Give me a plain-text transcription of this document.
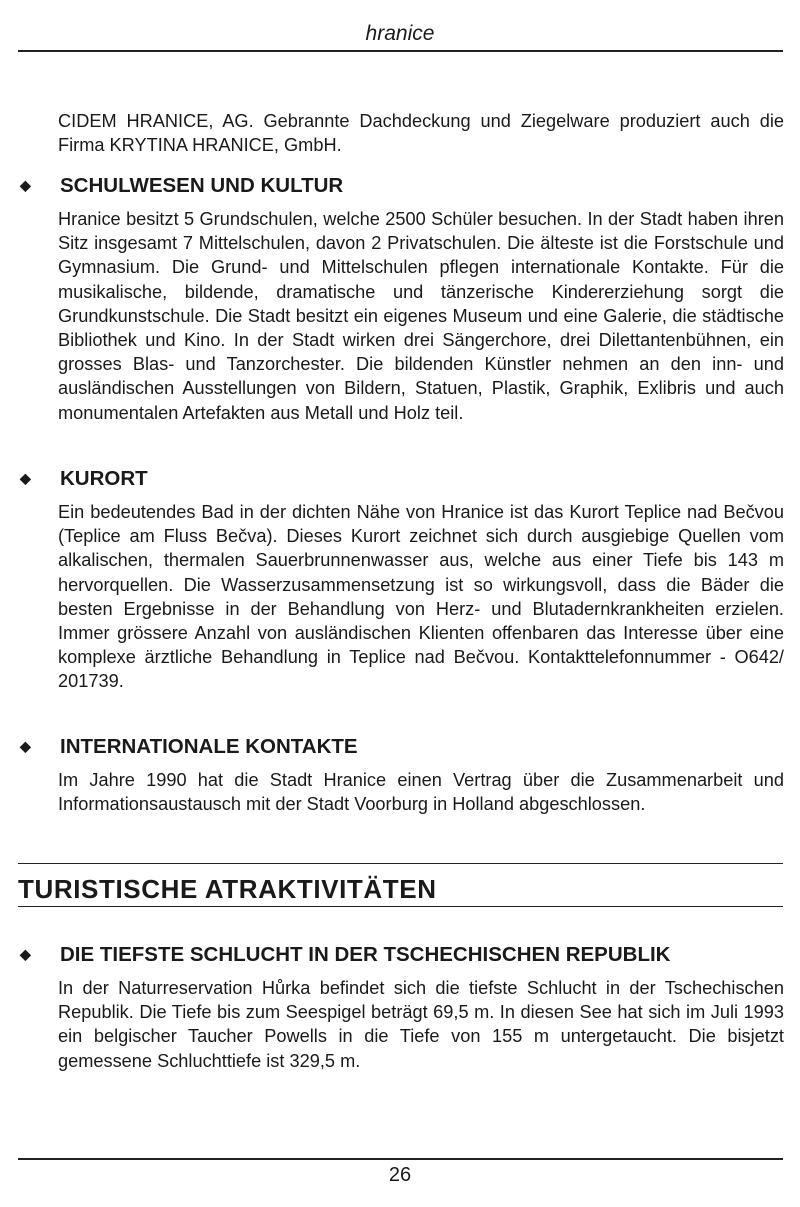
hranice

CIDEM HRANICE, AG. Gebrannte Dachdeckung und Ziegelware produziert auch die Firma KRYTINA HRANICE, GmbH.

◆ SCHULWESEN UND KULTUR

Hranice besitzt 5 Grundschulen, welche 2500 Schüler besuchen. In der Stadt haben ihren Sitz insgesamt 7 Mittelschulen, davon 2 Privatschulen. Die älteste ist die Forstschule und Gymnasium. Die Grund- und Mittelschulen pflegen internationale Kontakte. Für die musikalische, bildende, dramatische und tänzerische Kindererziehung sorgt die Grundkunstschule. Die Stadt besitzt ein eigenes Museum und eine Galerie, die städtische Bibliothek und Kino. In der Stadt wirken drei Sängerchore, drei Dilettantenbühnen, ein grosses Blas- und Tanzorchester. Die bildenden Künstler nehmen an den inn- und ausländischen Ausstellungen von Bildern, Statuen, Plastik, Graphik, Exlibris und auch monumentalen Artefakten aus Metall und Holz teil.

◆ KURORT

Ein bedeutendes Bad in der dichten Nähe von Hranice ist das Kurort Teplice nad Bečvou (Teplice am Fluss Bečva). Dieses Kurort zeichnet sich durch ausgiebige Quellen vom alkalischen, thermalen Sauerbrunnenwasser aus, welche aus einer Tiefe bis 143 m hervorquellen. Die Wasserzusammensetzung ist so wirkungsvoll, dass die Bäder die besten Ergebnisse in der Behandlung von Herz- und Blutadernkrankheiten erzielen. Immer grössere Anzahl von ausländischen Klienten offenbaren das Interesse über eine komplexe ärztliche Behandlung in Teplice nad Bečvou. Kontakttelefonnummer - O642/ 201739.

◆ INTERNATIONALE KONTAKTE

Im Jahre 1990 hat die Stadt Hranice einen Vertrag über die Zusammenarbeit und Informationsaustausch mit der Stadt Voorburg in Holland abgeschlossen.

TURISTISCHE ATRAKTIVITÄTEN
◆ DIE TIEFSTE SCHLUCHT IN DER TSCHECHISCHEN REPUBLIK

In der Naturreservation Hůrka befindet sich die tiefste Schlucht in der Tschechischen Republik. Die Tiefe bis zum Seespigel beträgt 69,5 m. In diesen See hat sich im Juli 1993 ein belgischer Taucher Powells in die Tiefe von 155 m untergetaucht. Die bisjetzt gemessene Schluchttiefe ist 329,5 m.

26
